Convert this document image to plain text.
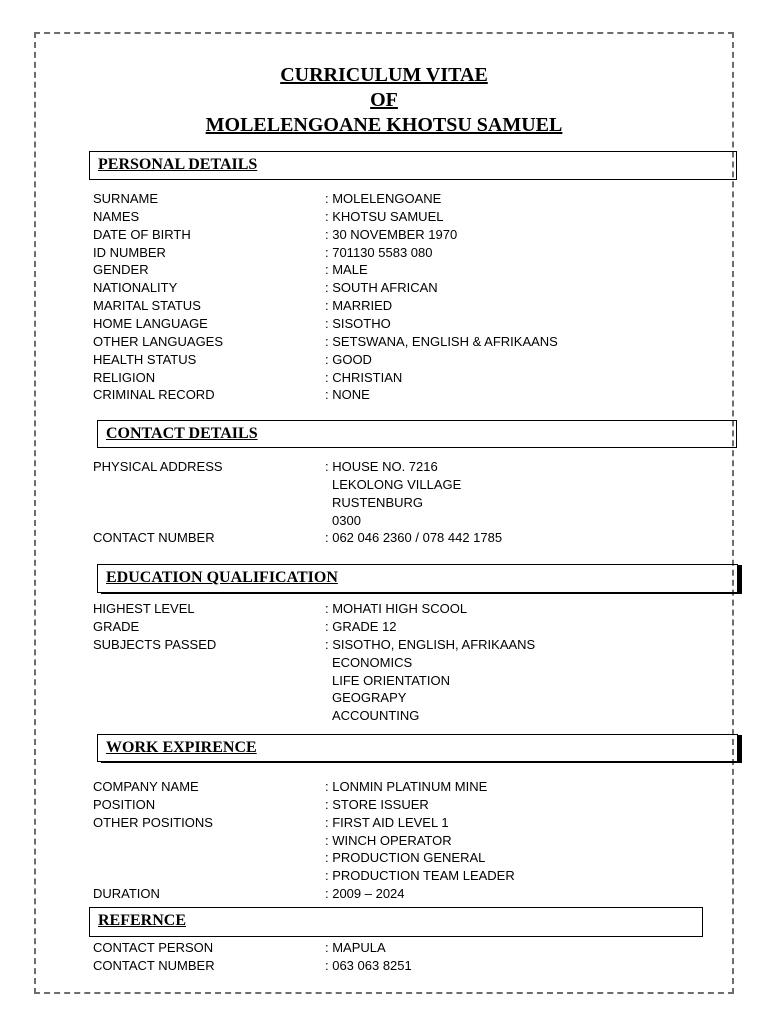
CURRICULUM VITAE
OF
MOLELENGOANE KHOTSU SAMUEL
PERSONAL DETAILS
SURNAME	: MOLELENGOANE
NAMES	: KHOTSU SAMUEL
DATE OF BIRTH	: 30 NOVEMBER 1970
ID NUMBER	: 701130 5583 080
GENDER	: MALE
NATIONALITY	: SOUTH AFRICAN
MARITAL STATUS	: MARRIED
HOME LANGUAGE	: SISOTHO
OTHER LANGUAGES	: SETSWANA, ENGLISH & AFRIKAANS
HEALTH STATUS	: GOOD
RELIGION	: CHRISTIAN
CRIMINAL RECORD	: NONE
CONTACT DETAILS
PHYSICAL ADDRESS	: HOUSE NO. 7216
LEKOLONG VILLAGE
RUSTENBURG
0300
CONTACT NUMBER	: 062 046 2360 / 078 442 1785
EDUCATION QUALIFICATION
HIGHEST LEVEL	: MOHATI HIGH SCOOL
GRADE	: GRADE 12
SUBJECTS PASSED	: SISOTHO, ENGLISH, AFRIKAANS
ECONOMICS
LIFE ORIENTATION
GEOGRAPY
ACCOUNTING
WORK EXPIRENCE
COMPANY NAME	: LONMIN PLATINUM MINE
POSITION	: STORE ISSUER
OTHER POSITIONS	: FIRST AID LEVEL 1
: WINCH OPERATOR
: PRODUCTION GENERAL
: PRODUCTION TEAM LEADER
DURATION	: 2009 – 2024
REFERNCE
CONTACT PERSON	: MAPULA
CONTACT NUMBER	: 063 063 8251
